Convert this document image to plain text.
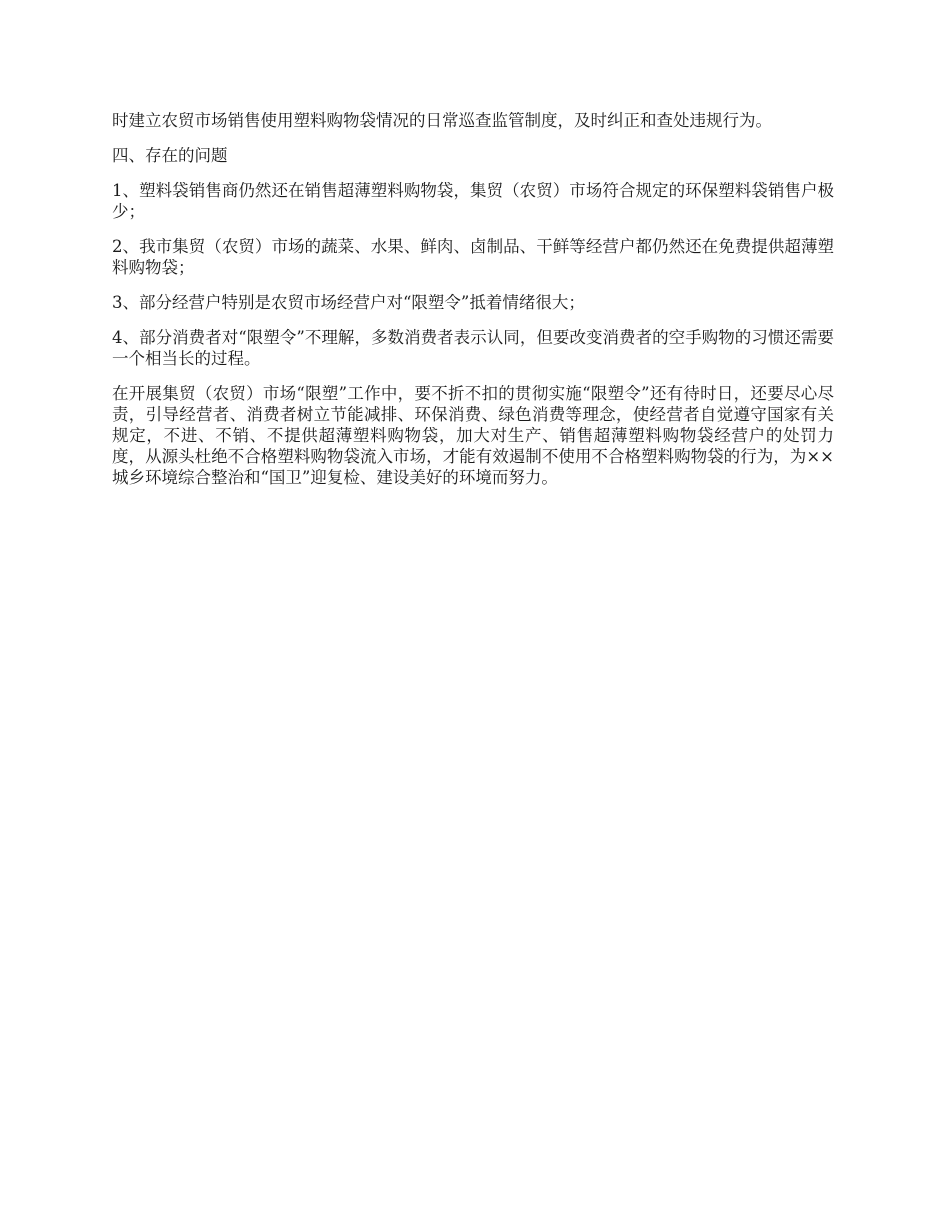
时建立农贸市场销售使用塑料购物袋情况的日常巡查监管制度，及时纠正和查处违规行为。

四、存在的问题

1、塑料袋销售商仍然还在销售超薄塑料购物袋，集贸（农贸）市场符合规定的环保塑料袋销售户极少；

2、我市集贸（农贸）市场的蔬菜、水果、鲜肉、卤制品、干鲜等经营户都仍然还在免费提供超薄塑料购物袋；

3、部分经营户特别是农贸市场经营户对“限塑令”抵着情绪很大；

4、部分消费者对“限塑令”不理解，多数消费者表示认同，但要改变消费者的空手购物的习惯还需要一个相当长的过程。

在开展集贸（农贸）市场“限塑”工作中，要不折不扣的贯彻实施“限塑令”还有待时日，还要尽心尽责，引导经营者、消费者树立节能减排、环保消费、绿色消费等理念，使经营者自觉遵守国家有关规定，不进、不销、不提供超薄塑料购物袋，加大对生产、销售超薄塑料购物袋经营户的处罚力度，从源头杜绝不合格塑料购物袋流入市场，才能有效遏制不使用不合格塑料购物袋的行为，为××城乡环境综合整治和“国卫”迎复检、建设美好的环境而努力。
